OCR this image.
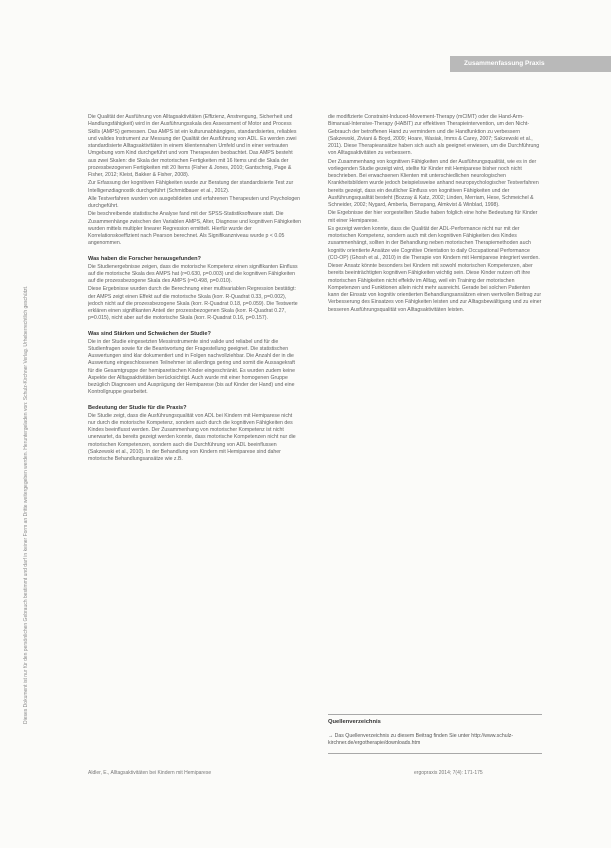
Zusammenfassung Praxis
Dieses Dokument ist nur für den persönlichen Gebrauch bestimmt und darf in keiner Form an Dritte weitergegeben werden. Heruntergeladen von: Schulz-Kirchner Verlag. Urheberrechtlich geschützt.

Die Qualität der Ausführung von Alltagsaktivitäten (Effizienz, Anstrengung, Sicherheit und Handlungsfähigkeit) wird in der Ausführungsskala des Assessment of Motor and Process Skills (AMPS) gemessen. Das AMPS ist ein kulturunabhängiges, standardisiertes, reliables und valides Instrument zur Messung der Qualität der Ausführung von ADL. Es werden zwei standardisierte Alltagsaktivitäten in einem klientennahen Umfeld und in einer vertrauten Umgebung vom Kind durchgeführt und vom Therapeuten beobachtet. Das AMPS besteht aus zwei Skalen: die Skala der motorischen Fertigkeiten mit 16 Items und die Skala der prozessbezogenen Fertigkeiten mit 20 Items (Fisher & Jones, 2010; Gantschnig, Page & Fisher, 2012; Kleist, Bakker & Fisher, 2008).

Zur Erfassung der kognitiven Fähigkeiten wurde zur Beratung der standardisierte Test zur Intelligenzdiagnostik durchgeführt (Schmidbauer et al., 2012).

Alle Testverfahren wurden von ausgebildeten und erfahrenen Therapeuten und Psychologen durchgeführt.

Die beschreibende statistische Analyse fand mit der SPSS-Statistiksoftware statt. Die Zusammenhänge zwischen den Variablen AMPS, Alter, Diagnose und kognitiven Fähigkeiten wurden mittels multipler linearer Regression ermittelt. Hierfür wurde der Korrelationskoeffizient nach Pearson berechnet. Als Signifikanzniveau wurde p < 0.05 angenommen.

Was haben die Forscher herausgefunden?

Die Studienergebnisse zeigen, dass die motorische Kompetenz einen signifikanten Einfluss auf die motorische Skala des AMPS hat (r=0.630, p=0.003) und die kognitiven Fähigkeiten auf die prozessbezogene Skala des AMPS (r=0.498, p=0.010).

Diese Ergebnisse wurden durch die Berechnung einer multivariablen Regression bestätigt: der AMPS zeigt einen Effekt auf die motorische Skala (korr. R-Quadrat 0.33, p=0.002), jedoch nicht auf die prozessbezogene Skala (korr. R-Quadrat 0.18, p=0.059). Die Testwerte erklären einen signifikanten Anteil der prozessbezogenen Skala (korr. R-Quadrat 0.27, p=0.015), nicht aber auf die motorische Skala (korr. R-Quadrat 0.16, p=0.157).

Was sind Stärken und Schwächen der Studie?

Die in der Studie eingesetzten Messinstrumente sind valide und reliabel und für die Studienfragen sowie für die Beantwortung der Fragestellung geeignet. Die statistischen Auswertungen sind klar dokumentiert und in Folgen nachvollziehbar. Die Anzahl der in die Auswertung eingeschlossenen Teilnehmer ist allerdings gering und somit die Aussagekraft für die Gesamtgruppe der hemiparetischen Kinder eingeschränkt. Es wurden zudem keine Aspekte der Alltagsaktivitäten berücksichtigt. Auch wurde mit einer homogenen Gruppe bezüglich Diagnosen und Ausprägung der Hemiparese (bis auf Kinder der Hand) und eine Kontrollgruppe gearbeitet.

Bedeutung der Studie für die Praxis?

Die Studie zeigt, dass die Ausführungsqualität von ADL bei Kindern mit Hemiparese nicht nur durch die motorische Kompetenz, sondern auch durch die kognitiven Fähigkeiten des Kindes beeinflusst werden. Der Zusammenhang von motorischer Kompetenz ist nicht unerwartet, da bereits gezeigt werden konnte, dass motorische Kompetenzen nicht nur die motorischen Kompetenzen, sondern auch die Durchführung von ADL beeinflussen (Sakzewski et al., 2010). In der Behandlung von Kindern mit Hemiparese sind daher motorische Behandlungsansätze wie z.B.

die modifizierte Constraint-Induced-Movement-Therapy (mCIMT) oder die Hand-Arm-Bimanual-Intensive-Therapy (HABIT) zur effektiven Therapieintervention, um den Nicht-Gebrauch der betroffenen Hand zu vermindern und die Handfunktion zu verbessern (Sakzewski, Ziviani & Boyd, 2009; Hoare, Wasiak, Imms & Carey, 2007; Sakzewski et al., 2011). Diese Therapieansätze haben sich auch als geeignet erwiesen, um die Durchführung von Alltagsaktivitäten zu verbessern.

Der Zusammenhang von kognitiven Fähigkeiten und der Ausführungsqualität, wie es in der vorliegenden Studie gezeigt wird, stellte für Kinder mit Hemiparese bisher noch nicht beschrieben. Bei erwachsenen Klienten mit unterschiedlichen neurologischen Krankheitsbildern wurde jedoch beispielsweise anhand neuropsychologischer Testverfahren bereits gezeigt, dass ein deutlicher Einfluss von kognitiven Fähigkeiten und der Ausführungsqualität besteht (Bozzay & Katz, 2002; Linden, Merriam, Hese, Schmeichel & Schneider, 2002; Nygard, Amberla, Bernspang, Almkvist & Winblad, 1998).

Die Ergebnisse der hier vorgestellten Studie haben folglich eine hohe Bedeutung für Kinder mit einer Hemiparese.

Es gezeigt werden konnte, dass die Qualität der ADL-Performance nicht nur mit der motorischen Kompetenz, sondern auch mit den kognitiven Fähigkeiten des Kindes zusammenhängt, sollten in der Behandlung neben motorischen Therapiemethoden auch kognitiv orientierte Ansätze wie Cognitive Orientation to daily Occupational Performance (CO-OP) (Ghosh et al., 2010) in die Therapie von Kindern mit Hemiparese integriert werden.

Dieser Ansatz könnte besonders bei Kindern mit sowohl motorischen Kompetenzen, aber bereits beeinträchtigten kognitiven Fähigkeiten wichtig sein. Diese Kinder nutzen oft ihre motorischen Fähigkeiten nicht effektiv im Alltag, weil ein Training der motorischen Kompetenzen und Funktionen allein nicht mehr ausreicht. Gerade bei solchen Patienten kann der Einsatz von kognitiv orientierten Behandlungsansätzen einen wertvollen Beitrag zur Verbesserung des Einsatzes von Fähigkeiten leisten und zur Alltagsbewältigung und zu einer besseren Ausführungsqualität von Alltagsaktivitäten leisten.

Quellenverzeichnis

→ Das Quellenverzeichnis zu diesem Beitrag finden Sie unter http://www.schulz-kirchner.de/ergotherapie/downloads.htm

Aldler, E., Alltagsaktivitäten bei Kindern mit Hemiparese	ergopraxis 2014; 7(4): 171-175
